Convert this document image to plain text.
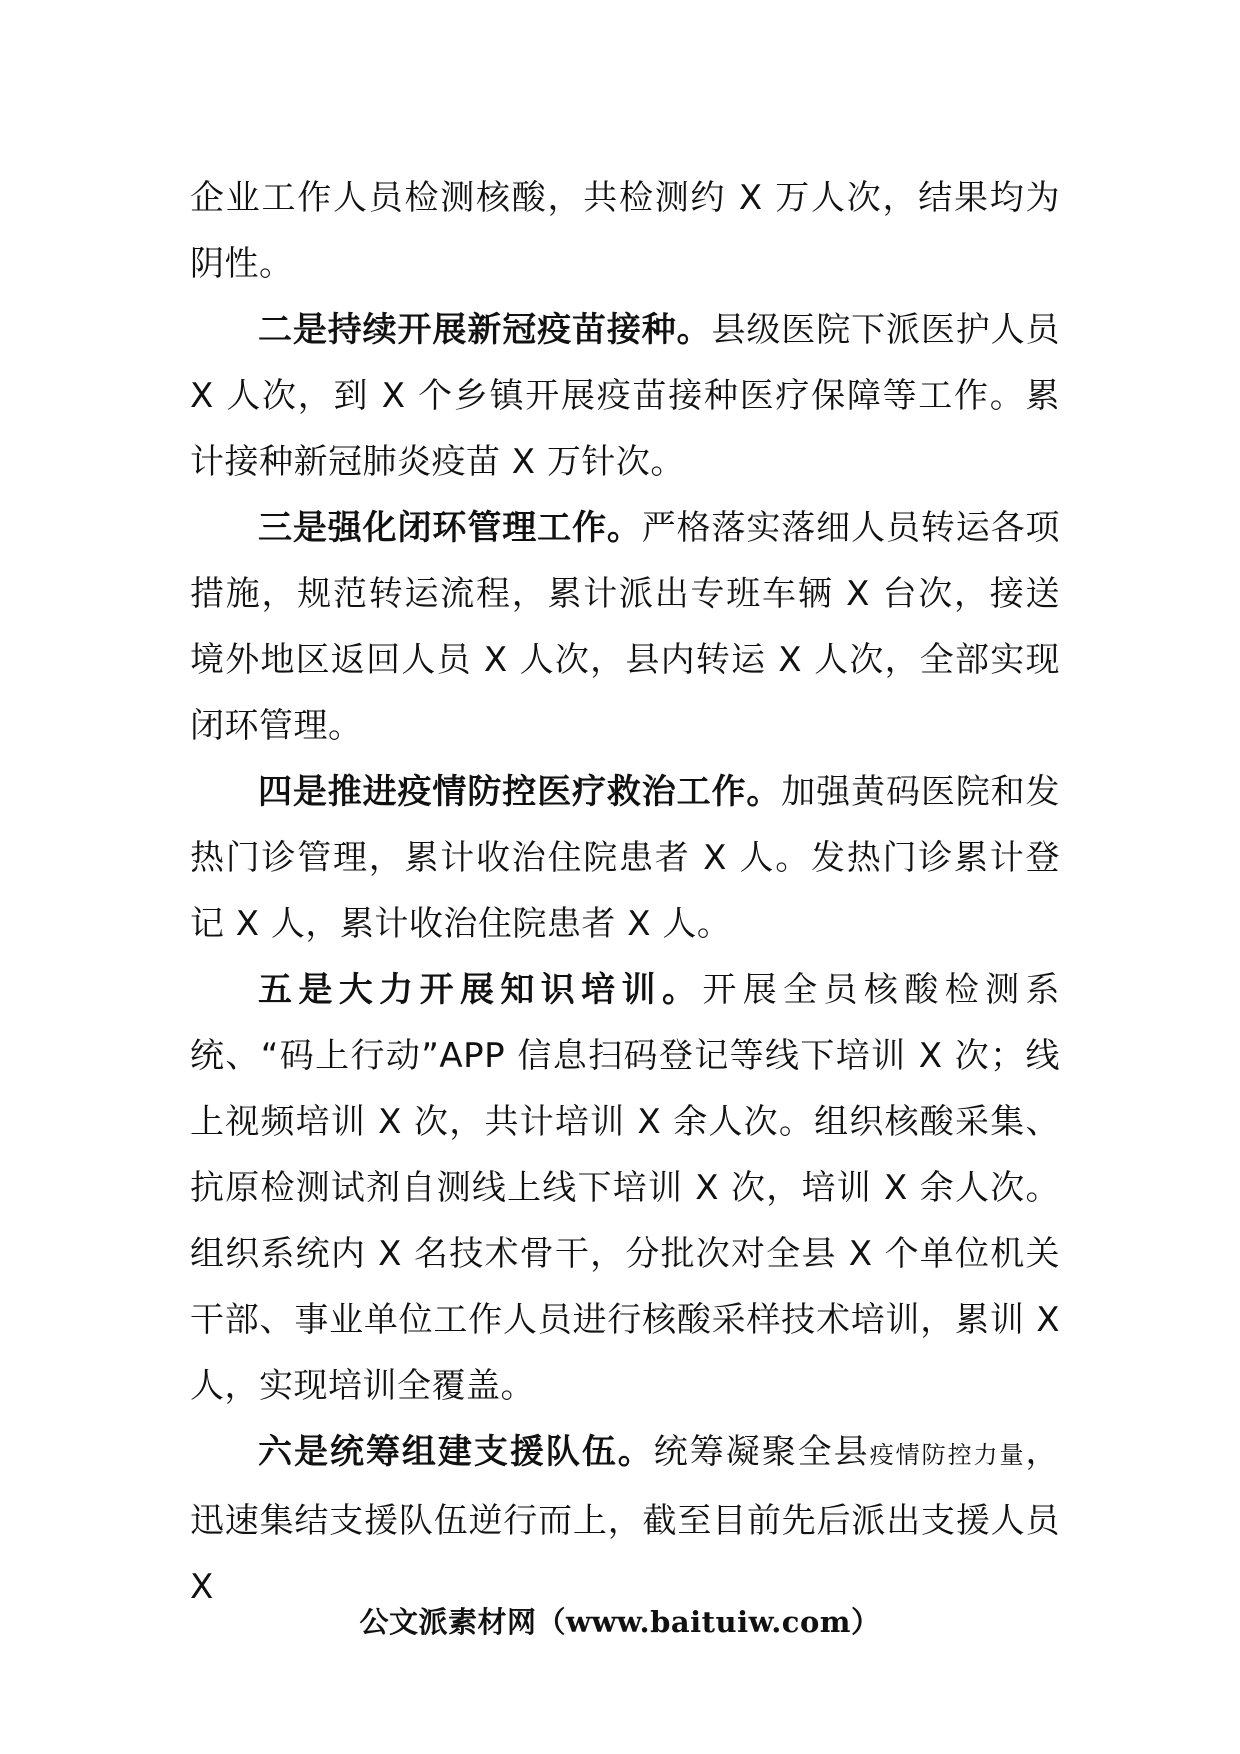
企业工作人员检测核酸，共检测约 X 万人次，结果均为阴性。

二是持续开展新冠疫苗接种。县级医院下派医护人员 X 人次，到 X 个乡镇开展疫苗接种医疗保障等工作。累计接种新冠肺炎疫苗 X 万针次。

三是强化闭环管理工作。严格落实落细人员转运各项措施，规范转运流程，累计派出专班车辆 X 台次，接送境外地区返回人员 X 人次，县内转运 X 人次，全部实现闭环管理。

四是推进疫情防控医疗救治工作。加强黄码医院和发热门诊管理，累计收治住院患者 X 人。发热门诊累计登记 X 人，累计收治住院患者 X 人。

五是大力开展知识培训。开展全员核酸检测系统、“码上行动”APP 信息扫码登记等线下培训 X 次；线上视频培训 X 次，共计培训 X 余人次。组织核酸采集、抗原检测试剂自测线上线下培训 X 次，培训 X 余人次。组织系统内 X 名技术骨干，分批次对全县 X 个单位机关干部、事业单位工作人员进行核酸采样技术培训，累训 X 人，实现培训全覆盖。

六是统筹组建支援队伍。统筹凝聚全县疫情防控力量，迅速集结支援队伍逆行而上，截至目前先后派出支援人员 X

公文派素材网（www.baituiw.com）
